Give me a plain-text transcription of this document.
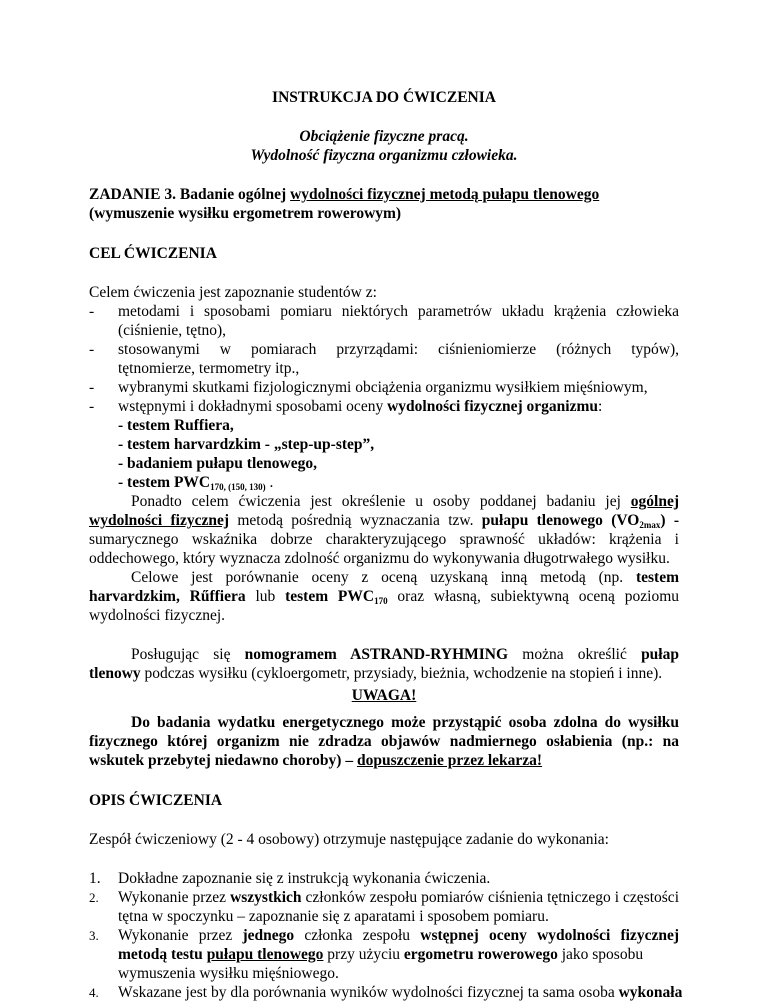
INSTRUKCJA DO ĆWICZENIA
Obciążenie fizyczne pracą.
Wydolność fizyczna organizmu człowieka.
ZADANIE 3. Badanie ogólnej wydolności fizycznej metodą pułapu tlenowego
(wymuszenie wysiłku ergometrem rowerowym)
CEL ĆWICZENIA
Celem ćwiczenia jest zapoznanie studentów z:
- metodami i sposobami pomiaru niektórych parametrów układu krążenia człowieka
(ciśnienie, tętno),
- stosowanymi w pomiarach przyrządami: ciśnieniomierze (różnych typów),
tętnomierze, termometry itp.,
- wybranymi skutkami fizjologicznymi obciążenia organizmu wysiłkiem mięśniowym,
- wstępnymi i dokładnymi sposobami oceny wydolności fizycznej organizmu:
- testem Ruffiera,
- testem harvardzkim - „step-up-step”,
- badaniem pułapu tlenowego,
- testem $PWC_{170, (150, 130)}$ .
Ponadto celem ćwiczenia jest określenie u osoby poddanej badaniu jej ogólnej
wydolności fizycznej metodą pośrednią wyznaczania tzw. pułapu tlenowego $(VO_{2max})$ -
sumarycznego wskaźnika dobrze charakteryzującego sprawność układów: krążenia i
oddechowego, który wyznacza zdolność organizmu do wykonywania długotrwałego wysiłku.
Celowe jest porównanie oceny z oceną uzyskaną inną metodą (np. testem
harvardzkim, Rűffiera lub testem $PWC_{170}$ oraz własną, subiektywną oceną poziomu
wydolności fizycznej.
Posługując się nomogramem ASTRAND-RYHMING można określić pułap
tlenowy podczas wysiłku (cykloergometr, przysiady, bieżnia, wchodzenie na stopień i inne).
UWAGA!
Do badania wydatku energetycznego może przystąpić osoba zdolna do wysiłku
fizycznego której organizm nie zdradza objawów nadmiernego osłabienia (np.: na
wskutek przebytej niedawno choroby) – dopuszczenie przez lekarza!
OPIS ĆWICZENIA
Zespół ćwiczeniowy (2 - 4 osobowy) otrzymuje następujące zadanie do wykonania:
1. Dokładne zapoznanie się z instrukcją wykonania ćwiczenia.
2. Wykonanie przez wszystkich członków zespołu pomiarów ciśnienia tętniczego i częstości
tętna w spoczynku – zapoznanie się z aparatami i sposobem pomiaru.
3. Wykonanie przez jednego członka zespołu wstępnej oceny wydolności fizycznej
metodą testu pułapu tlenowego przy użyciu ergometru rowerowego jako sposobu
wymuszenia wysiłku mięśniowego.
4. Wskazane jest by dla porównania wyników wydolności fizycznej ta sama osoba wykonała
